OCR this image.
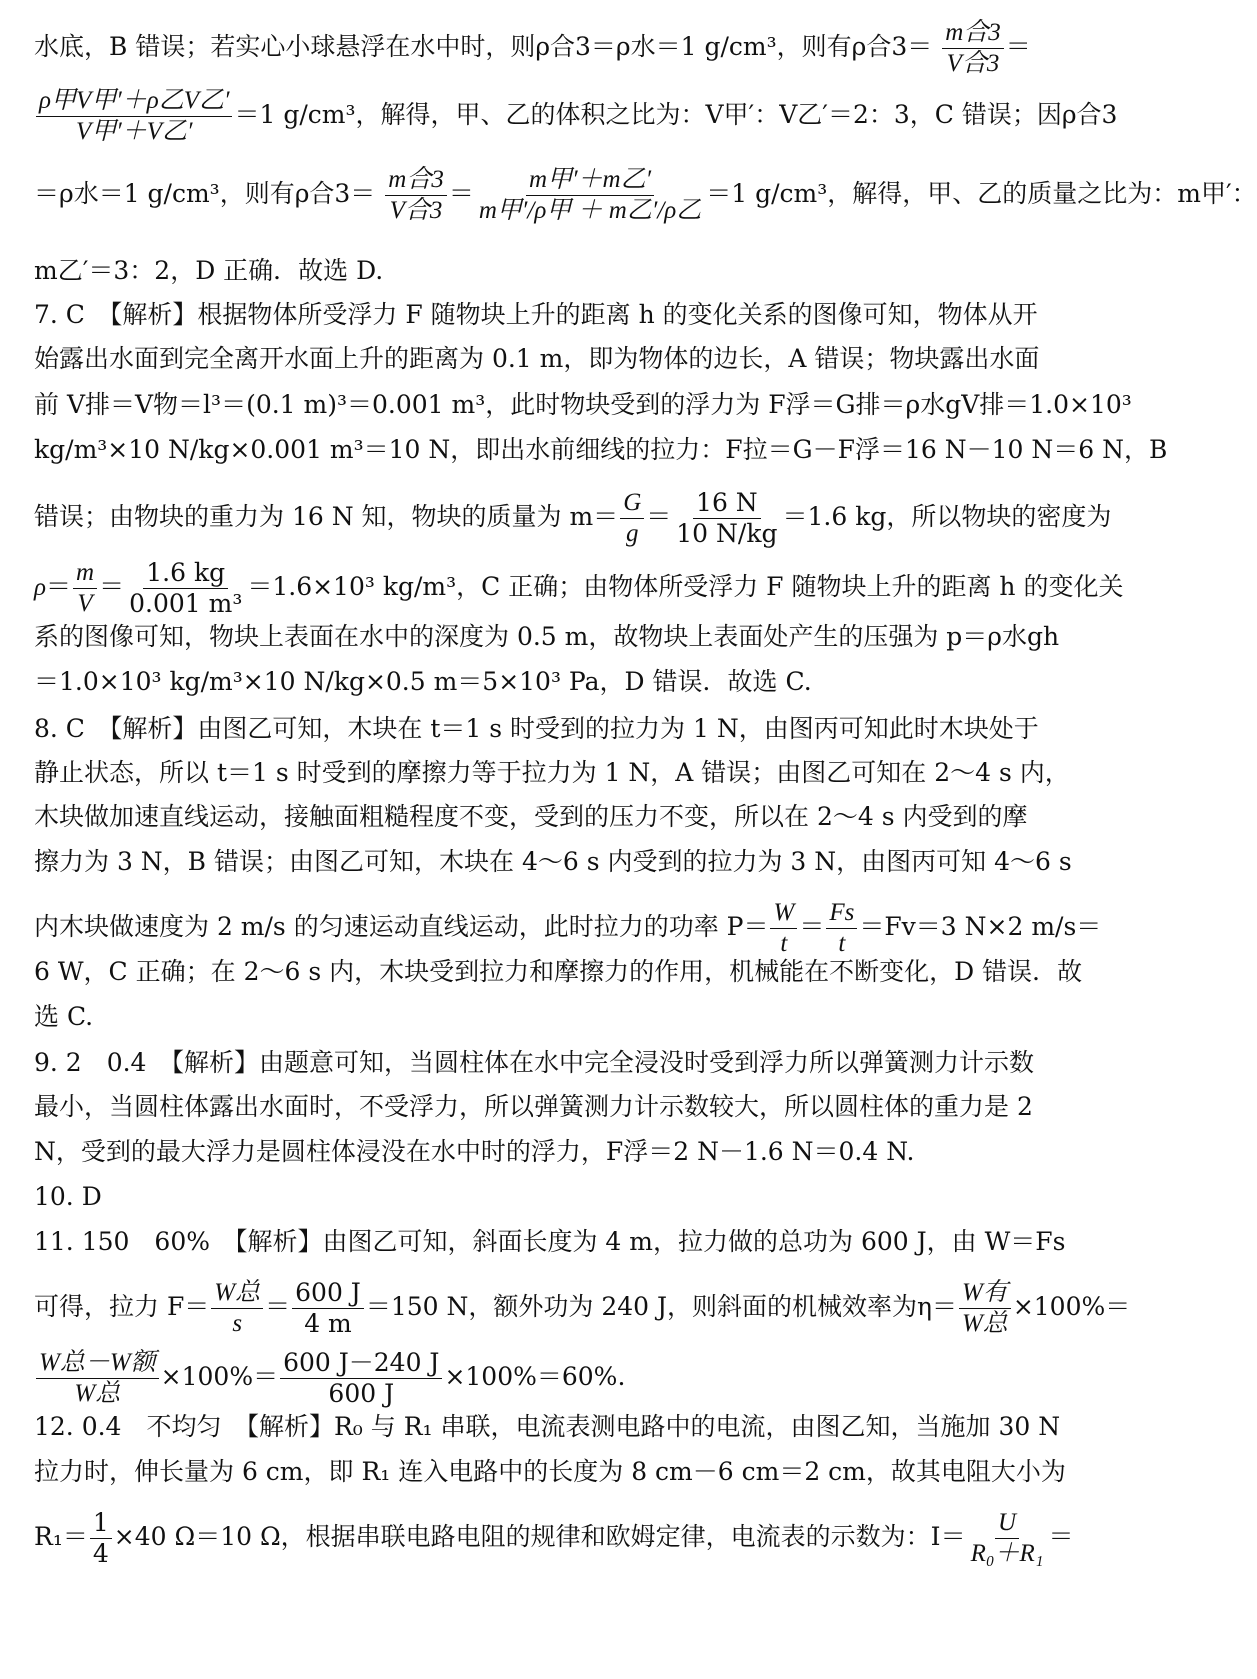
水底，B 错误；若实心小球悬浮在水中时，则ρ合3＝ρ水＝1 g/cm³，则有ρ合$3= \frac{\text{m合3}}{\text{V合3}}$ ＝
$\frac{\text{ρ甲V甲′＋ρ乙V乙′}}{\text{V甲′＋V乙′}} =1$ g/cm³，解得，甲、乙的体积之比为：V甲′：V乙′＝2：3，C 错误；因ρ合3
＝ρ水＝1 g/cm³，则有ρ合$3= \frac{\text{m合3}}{\text{V合3}} = \frac{\text{m甲′＋m乙′}}{\text{m甲′/ρ甲 ＋ m乙′/ρ乙}} =1$ g/cm³，解得，甲、乙的质量之比为：m甲′：
m乙′＝3：2，D 正确．故选 D.
7. C　【解析】根据物体所受浮力 F 随物块上升的距离 h 的变化关系的图像可知，物体从开
始露出水面到完全离开水面上升的距离为 0.1 m，即为物体的边长，A 错误；物块露出水面
前 V排＝V物＝l³＝(0.1 m)³＝0.001 m³，此时物块受到的浮力为 F浮＝G排＝ρ水gV排＝1.0×10³
kg/m³×10 N/kg×0.001 m³＝10 N，即出水前细线的拉力：F拉＝G－F浮＝16 N－10 N＝6 N，B
错误；由物块的重力为 16 N 知，物块的质量为 $m= \frac{G}{g} = \frac{16 N}{10 N/kg} =1.6$ kg，所以物块的密度为
$\rho= \frac{m}{V} = \frac{1.6 kg}{\text{0.001 m³}} =1.6\times 10^3$ kg/m³，C 正确；由物体所受浮力 F 随物块上升的距离 h 的变化关
系的图像可知，物块上表面在水中的深度为 0.5 m，故物块上表面处产生的压强为 p＝ρ水gh
＝1.0×10³ kg/m³×10 N/kg×0.5 m＝5×10³ Pa，D 错误．故选 C.
8. C　【解析】由图乙可知，木块在 t＝1 s 时受到的拉力为 1 N，由图丙可知此时木块处于
静止状态，所以 t＝1 s 时受到的摩擦力等于拉力为 1 N，A 错误；由图乙可知在 2～4 s 内，
木块做加速直线运动，接触面粗糙程度不变，受到的压力不变，所以在 2～4 s 内受到的摩
擦力为 3 N，B 错误；由图乙可知，木块在 4～6 s 内受到的拉力为 3 N，由图丙可知 4～6 s
内木块做速度为 2 m/s 的匀速运动直线运动，此时拉力的功率 $P= \frac{W}{t} = \frac{Fs}{t} =Fv=3$ N×2 m/s＝
6 W，C 正确；在 2～6 s 内，木块受到拉力和摩擦力的作用，机械能在不断变化，D 错误．故
选 C.
9. 2　0.4　【解析】由题意可知，当圆柱体在水中完全浸没时受到浮力所以弹簧测力计示数
最小，当圆柱体露出水面时，不受浮力，所以弹簧测力计示数较大，所以圆柱体的重力是 2
N，受到的最大浮力是圆柱体浸没在水中时的浮力，F浮＝2 N－1.6 N＝0.4 N.
10. D
11. 150　60%　【解析】由图乙可知，斜面长度为 4 m，拉力做的总功为 600 J，由 W＝Fs
可得，拉力 $F= \frac{\text{W总}}{s} = \frac{600 J}{4 m} =150$ N，额外功为 240 J，则斜面的机械效率为$\eta= \frac{\text{W有}}{\text{W总}} \times 100\%=$
$\frac{\text{W总－W额}}{\text{W总}} \times 100\%= \frac{600 J-240 J}{600 J} \times 100\%=60\%$.
12. 0.4　不均匀　【解析】R₀ 与 R₁ 串联，电流表测电路中的电流，由图乙知，当施加 30 N
拉力时，伸长量为 6 cm，即 R₁ 连入电路中的长度为 8 cm－6 cm＝2 cm，故其电阻大小为
$R_1= \frac{1}{4} \times 40$ Ω＝10 Ω，根据串联电路电阻的规律和欧姆定律，电流表的示数为：$I= \frac{U}{\text{R₀＋R₁}}$ ＝
